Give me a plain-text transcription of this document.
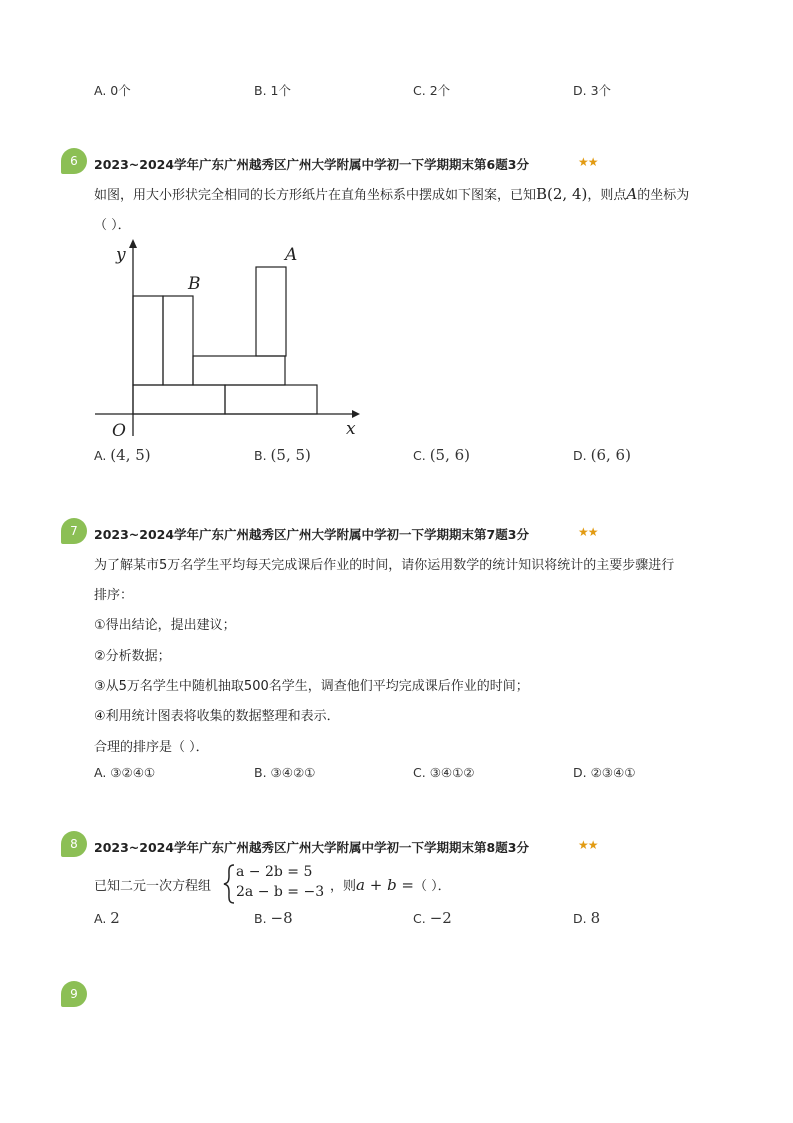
A. 0个	B. 1个	C. 2个	D. 3个
6	2023~2024学年广东广州越秀区广州大学附属中学初一下学期期末第6题3分	★★
如图，用大小形状完全相同的长方形纸片在直角坐标系中摆成如下图案，已知B(2, 4)，则点A的坐标为
（ ）．
y
B
A
O	x
A. (4, 5)	B. (5, 5)	C. (5, 6)	D. (6, 6)
7	2023~2024学年广东广州越秀区广州大学附属中学初一下学期期末第7题3分	★★
为了解某市5万名学生平均每天完成课后作业的时间，请你运用数学的统计知识将统计的主要步骤进行
排序：
①得出结论，提出建议；
②分析数据；
③从5万名学生中随机抽取500名学生，调查他们平均完成课后作业的时间；
④利用统计图表将收集的数据整理和表示．
合理的排序是（ ）．
A. ③②④①	B. ③④②①	C. ③④①②	D. ②③④①
8	2023~2024学年广东广州越秀区广州大学附属中学初一下学期期末第8题3分	★★
已知二元一次方程组
a − 2b = 5
2a − b = −3 ，则a + b =（ ）．
A. 2	B. −8	C. −2	D. 8
9
